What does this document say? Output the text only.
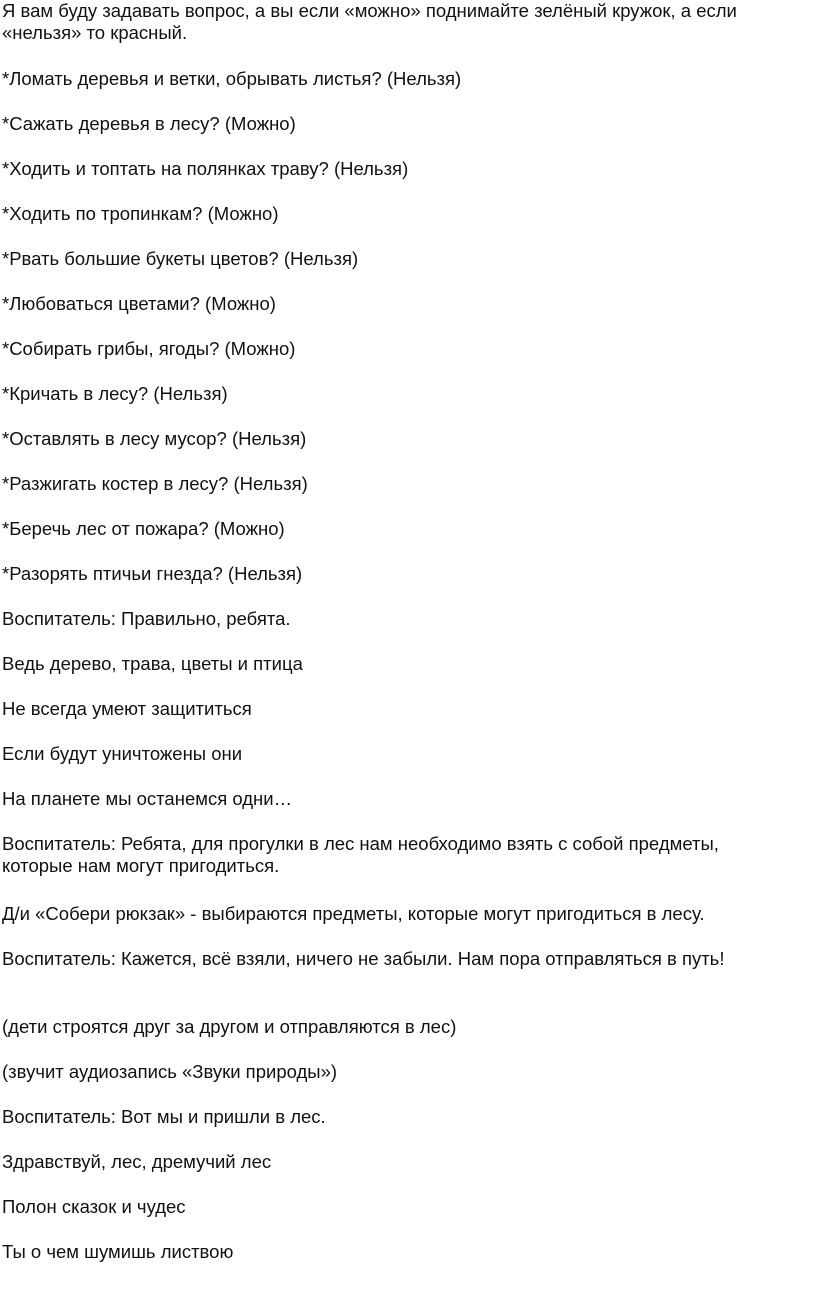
Я вам буду задавать вопрос, а вы если «можно» поднимайте зелёный кружок, а если «нельзя» то красный.

*Ломать деревья и ветки, обрывать листья? (Нельзя)

*Сажать деревья в лесу? (Можно)

*Ходить и топтать на полянках траву? (Нельзя)

*Ходить по тропинкам? (Можно)

*Рвать большие букеты цветов? (Нельзя)

*Любоваться цветами? (Можно)

*Собирать грибы, ягоды? (Можно)

*Кричать в лесу? (Нельзя)

*Оставлять в лесу мусор? (Нельзя)

*Разжигать костер в лесу? (Нельзя)

*Беречь лес от пожара? (Можно)

*Разорять птичьи гнезда? (Нельзя)

Воспитатель: Правильно, ребята.

Ведь дерево, трава, цветы и птица

Не всегда умеют защититься

Если будут уничтожены они

На планете мы останемся одни…

Воспитатель: Ребята, для прогулки в лес нам необходимо взять с собой предметы, которые нам могут пригодиться.

Д/и «Собери рюкзак» - выбираются предметы, которые могут пригодиться в лесу.

Воспитатель: Кажется, всё взяли, ничего не забыли. Нам пора отправляться в путь!

(дети строятся друг за другом и отправляются в лес)

(звучит аудиозапись «Звуки природы»)

Воспитатель: Вот мы и пришли в лес.

Здравствуй, лес, дремучий лес

Полон сказок и чудес

Ты о чем шумишь листвою
